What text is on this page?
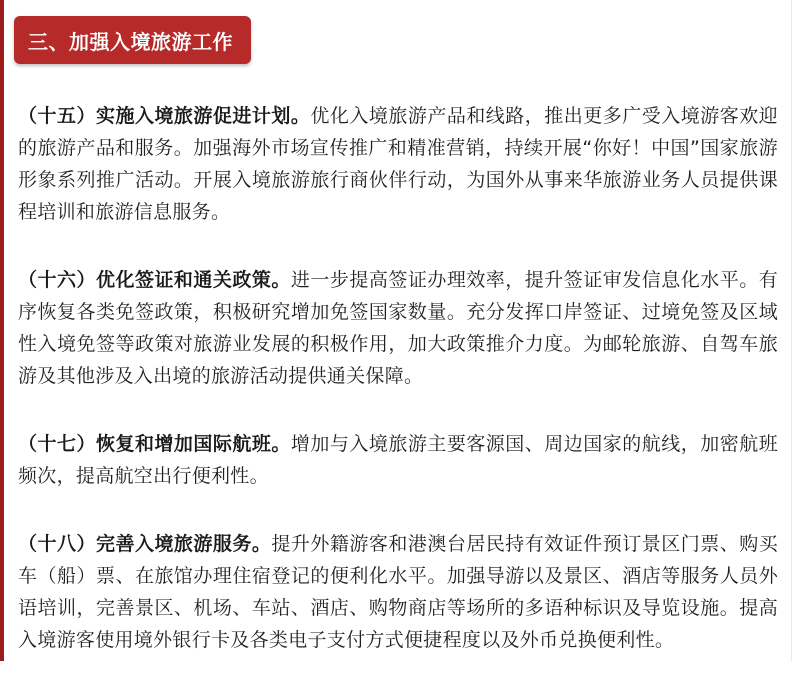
三、加强入境旅游工作

（十五）实施入境旅游促进计划。优化入境旅游产品和线路，推出更多广受入境游客欢迎的旅游产品和服务。加强海外市场宣传推广和精准营销，持续开展“你好！中国”国家旅游形象系列推广活动。开展入境旅游旅行商伙伴行动，为国外从事来华旅游业务人员提供课程培训和旅游信息服务。

（十六）优化签证和通关政策。进一步提高签证办理效率，提升签证审发信息化水平。有序恢复各类免签政策，积极研究增加免签国家数量。充分发挥口岸签证、过境免签及区域性入境免签等政策对旅游业发展的积极作用，加大政策推介力度。为邮轮旅游、自驾车旅游及其他涉及入出境的旅游活动提供通关保障。

（十七）恢复和增加国际航班。增加与入境旅游主要客源国、周边国家的航线，加密航班频次，提高航空出行便利性。

（十八）完善入境旅游服务。提升外籍游客和港澳台居民持有效证件预订景区门票、购买车（船）票、在旅馆办理住宿登记的便利化水平。加强导游以及景区、酒店等服务人员外语培训，完善景区、机场、车站、酒店、购物商店等场所的多语种标识及导览设施。提高入境游客使用境外银行卡及各类电子支付方式便捷程度以及外币兑换便利性。
